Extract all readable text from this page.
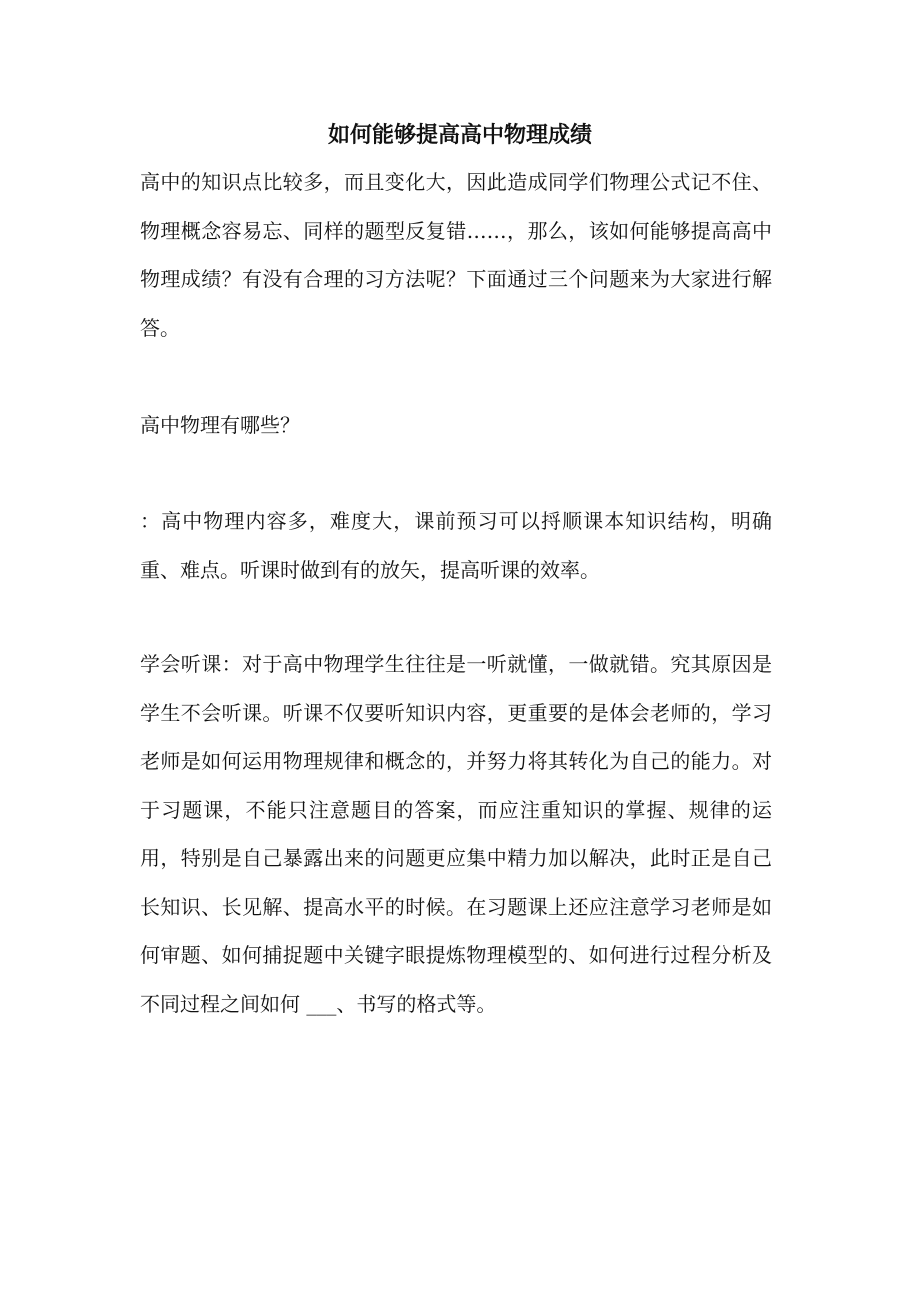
如何能够提高高中物理成绩

高中的知识点比较多，而且变化大，因此造成同学们物理公式记不住、物理概念容易忘、同样的题型反复错……，那么，该如何能够提高高中物理成绩？有没有合理的习方法呢？下面通过三个问题来为大家进行解答。

高中物理有哪些？

：高中物理内容多，难度大，课前预习可以捋顺课本知识结构，明确重、难点。听课时做到有的放矢，提高听课的效率。

学会听课：对于高中物理学生往往是一听就懂，一做就错。究其原因是学生不会听课。听课不仅要听知识内容，更重要的是体会老师的，学习老师是如何运用物理规律和概念的，并努力将其转化为自己的能力。对于习题课，不能只注意题目的答案，而应注重知识的掌握、规律的运用，特别是自己暴露出来的问题更应集中精力加以解决，此时正是自己长知识、长见解、提高水平的时候。在习题课上还应注意学习老师是如何审题、如何捕捉题中关键字眼提炼物理模型的、如何进行过程分析及不同过程之间如何 ___、书写的格式等。
